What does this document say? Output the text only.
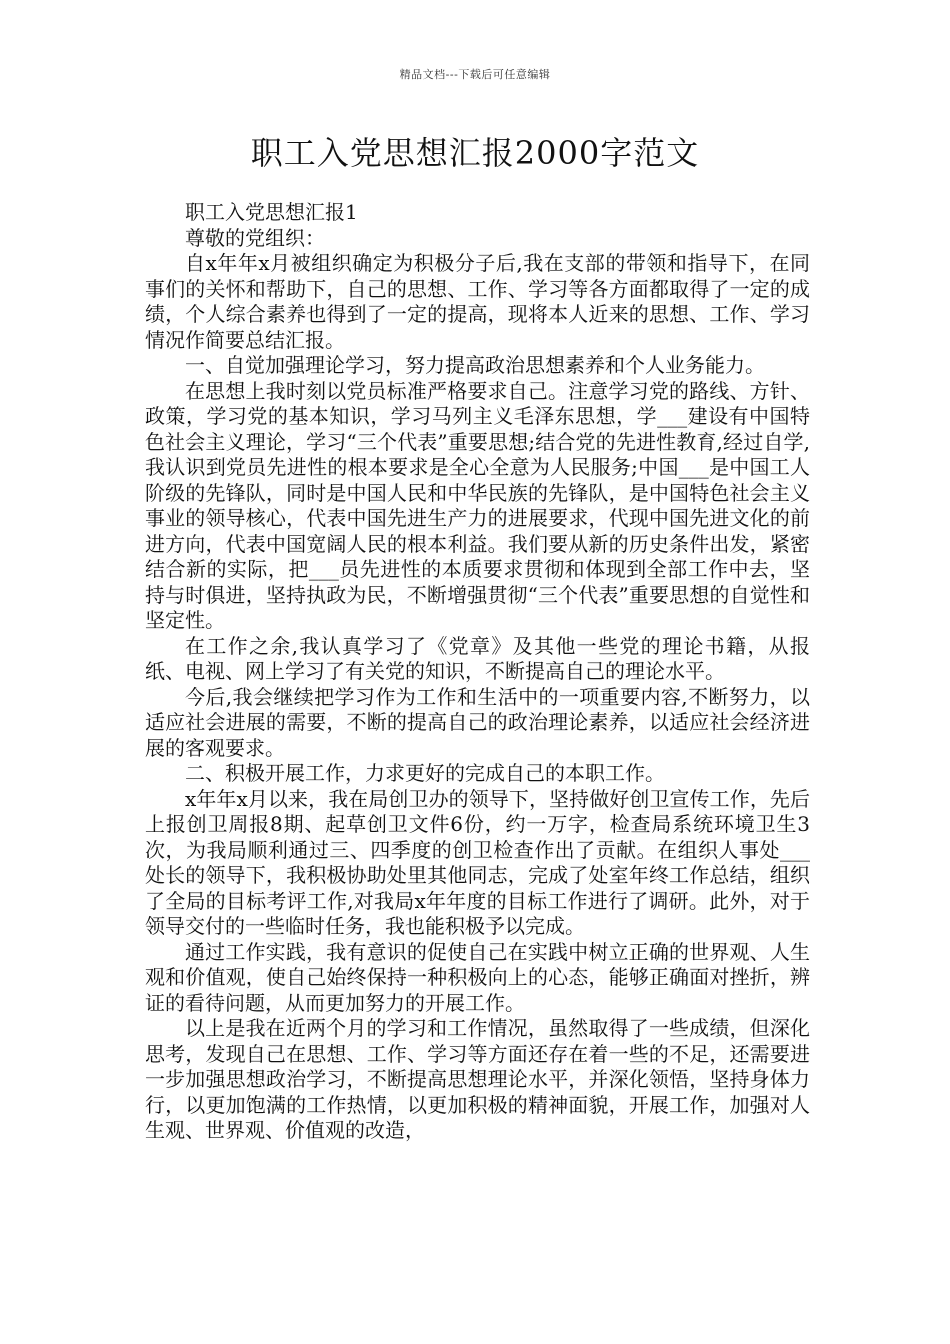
精品文档---下载后可任意编辑
职工入党思想汇报2000字范文

职工入党思想汇报1

尊敬的党组织：

自x年年x月被组织确定为积极分子后,我在支部的带领和指导下，在同事们的关怀和帮助下，自己的思想、工作、学习等各方面都取得了一定的成绩，个人综合素养也得到了一定的提高，现将本人近来的思想、工作、学习情况作简要总结汇报。

一、自觉加强理论学习，努力提高政治思想素养和个人业务能力。

在思想上我时刻以党员标准严格要求自己。注意学习党的路线、方针、政策，学习党的基本知识，学习马列主义毛泽东思想，学___建设有中国特色社会主义理论，学习“三个代表”重要思想;结合党的先进性教育,经过自学,我认识到党员先进性的根本要求是全心全意为人民服务;中国___是中国工人阶级的先锋队，同时是中国人民和中华民族的先锋队，是中国特色社会主义事业的领导核心，代表中国先进生产力的进展要求，代现中国先进文化的前进方向，代表中国宽阔人民的根本利益。我们要从新的历史条件出发，紧密结合新的实际，把___员先进性的本质要求贯彻和体现到全部工作中去，坚持与时俱进，坚持执政为民，不断增强贯彻“三个代表”重要思想的自觉性和坚定性。

在工作之余,我认真学习了《党章》及其他一些党的理论书籍，从报纸、电视、网上学习了有关党的知识，不断提高自己的理论水平。

今后,我会继续把学习作为工作和生活中的一项重要内容,不断努力，以适应社会进展的需要，不断的提高自己的政治理论素养，以适应社会经济进展的客观要求。

二、积极开展工作，力求更好的完成自己的本职工作。

x年年x月以来，我在局创卫办的领导下，坚持做好创卫宣传工作，先后上报创卫周报8期、起草创卫文件6份，约一万字，检查局系统环境卫生3次，为我局顺利通过三、四季度的创卫检查作出了贡献。在组织人事处___处长的领导下，我积极协助处里其他同志，完成了处室年终工作总结，组织了全局的目标考评工作,对我局x年年度的目标工作进行了调研。此外，对于领导交付的一些临时任务，我也能积极予以完成。

通过工作实践，我有意识的促使自己在实践中树立正确的世界观、人生观和价值观，使自己始终保持一种积极向上的心态，能够正确面对挫折，辨证的看待问题，从而更加努力的开展工作。

以上是我在近两个月的学习和工作情况，虽然取得了一些成绩，但深化思考，发现自己在思想、工作、学习等方面还存在着一些的不足，还需要进一步加强思想政治学习，不断提高思想理论水平，并深化领悟，坚持身体力行，以更加饱满的工作热情，以更加积极的精神面貌，开展工作，加强对人生观、世界观、价值观的改造，
